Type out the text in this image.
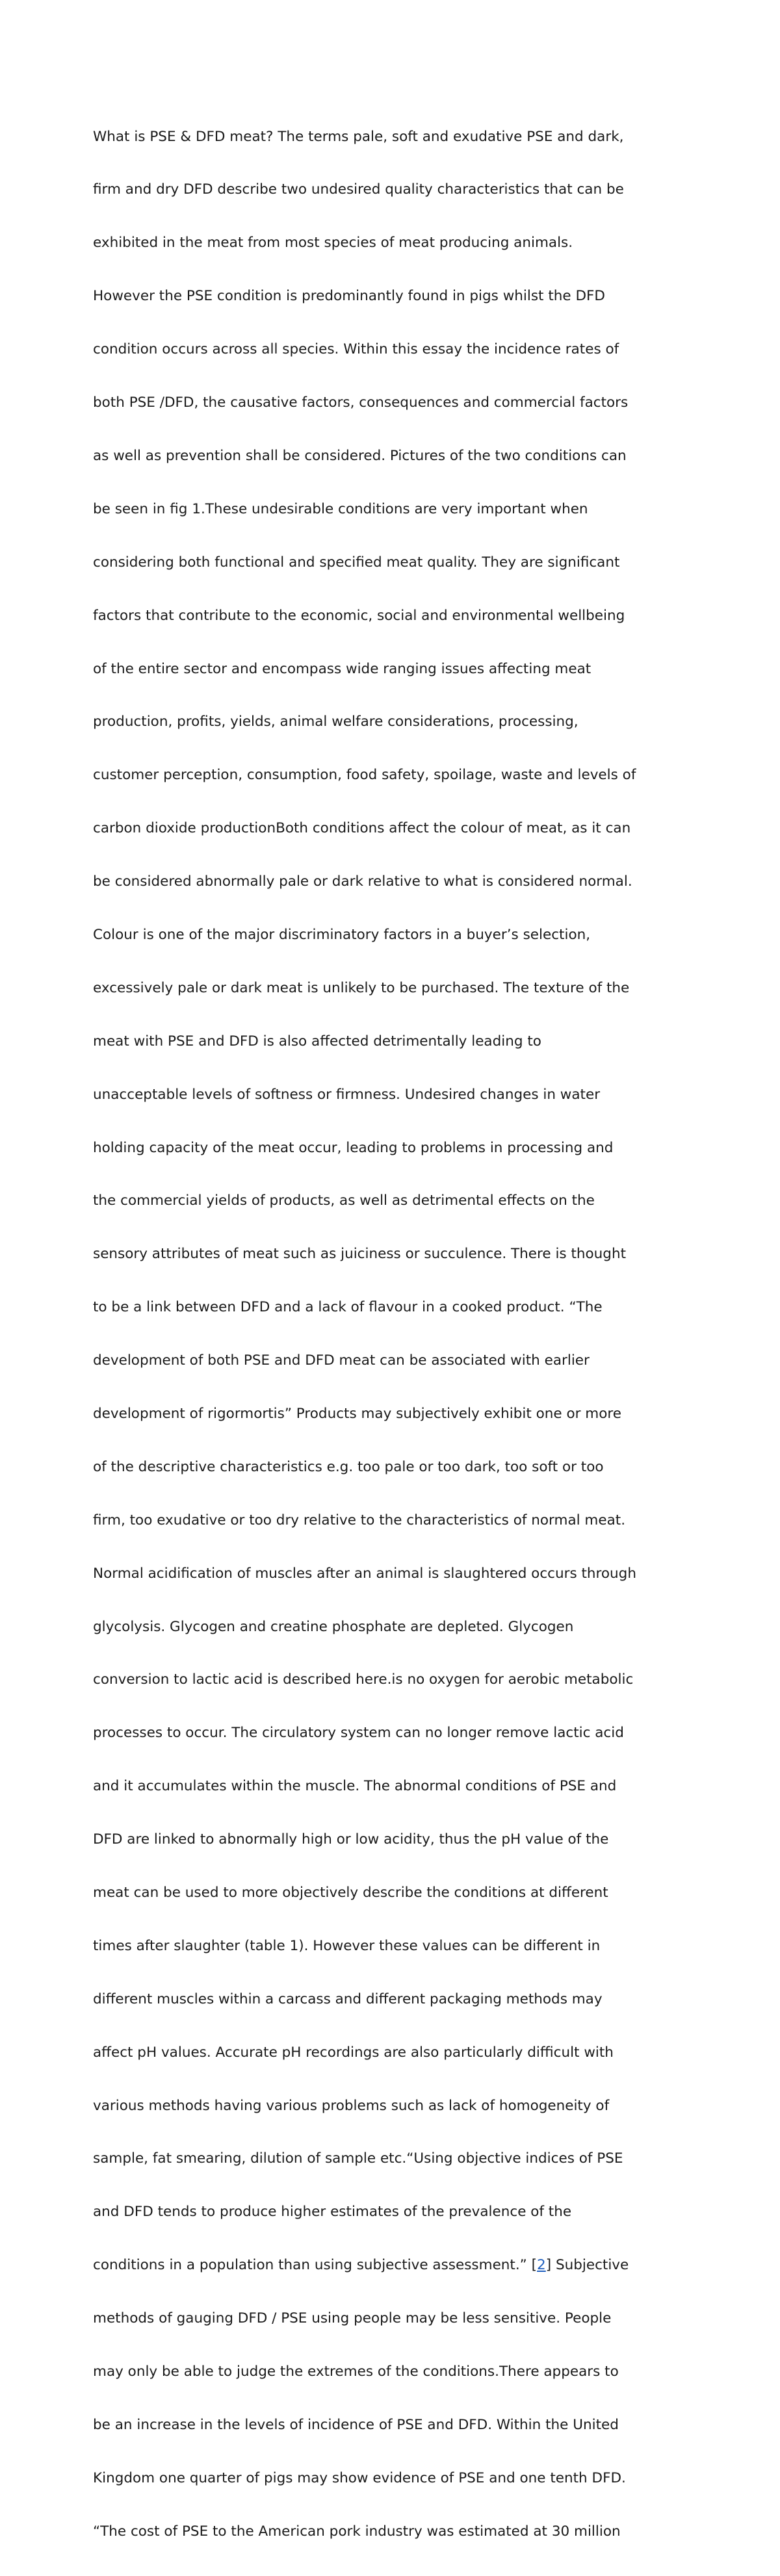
What is PSE & DFD meat? The terms pale, soft and exudative PSE and dark,

firm and dry DFD describe two undesired quality characteristics that can be

exhibited in the meat from most species of meat producing animals.

However the PSE condition is predominantly found in pigs whilst the DFD

condition occurs across all species. Within this essay the incidence rates of

both PSE /DFD, the causative factors, consequences and commercial factors

as well as prevention shall be considered. Pictures of the two conditions can

be seen in fig 1.These undesirable conditions are very important when

considering both functional and specified meat quality. They are significant

factors that contribute to the economic, social and environmental wellbeing

of the entire sector and encompass wide ranging issues affecting meat

production, profits, yields, animal welfare considerations, processing,

customer perception, consumption, food safety, spoilage, waste and levels of

carbon dioxide productionBoth conditions affect the colour of meat, as it can

be considered abnormally pale or dark relative to what is considered normal.

Colour is one of the major discriminatory factors in a buyer’s selection,

excessively pale or dark meat is unlikely to be purchased. The texture of the

meat with PSE and DFD is also affected detrimentally leading to

unacceptable levels of softness or firmness. Undesired changes in water

holding capacity of the meat occur, leading to problems in processing and

the commercial yields of products, as well as detrimental effects on the

sensory attributes of meat such as juiciness or succulence. There is thought

to be a link between DFD and a lack of flavour in a cooked product. “The

development of both PSE and DFD meat can be associated with earlier

development of rigormortis” Products may subjectively exhibit one or more

of the descriptive characteristics e.g. too pale or too dark, too soft or too

firm, too exudative or too dry relative to the characteristics of normal meat.

Normal acidification of muscles after an animal is slaughtered occurs through

glycolysis. Glycogen and creatine phosphate are depleted. Glycogen

conversion to lactic acid is described here.is no oxygen for aerobic metabolic

processes to occur. The circulatory system can no longer remove lactic acid

and it accumulates within the muscle. The abnormal conditions of PSE and

DFD are linked to abnormally high or low acidity, thus the pH value of the

meat can be used to more objectively describe the conditions at different

times after slaughter (table 1). However these values can be different in

different muscles within a carcass and different packaging methods may

affect pH values. Accurate pH recordings are also particularly difficult with

various methods having various problems such as lack of homogeneity of

sample, fat smearing, dilution of sample etc.“Using objective indices of PSE

and DFD tends to produce higher estimates of the prevalence of the

conditions in a population than using subjective assessment.” [2] Subjective

methods of gauging DFD / PSE using people may be less sensitive. People

may only be able to judge the extremes of the conditions.There appears to

be an increase in the levels of incidence of PSE and DFD. Within the United

Kingdom one quarter of pigs may show evidence of PSE and one tenth DFD.

“The cost of PSE to the American pork industry was estimated at 30 million
